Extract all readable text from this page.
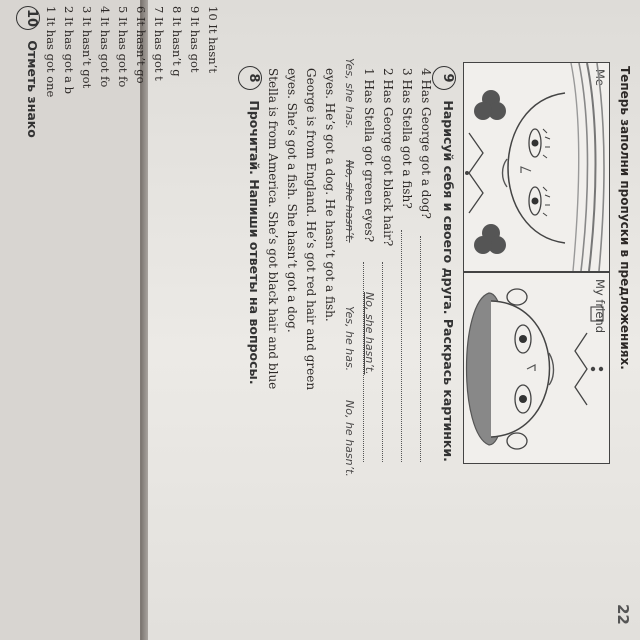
22
8 Прочитай. Напиши ответы на вопросы. Stella is from America. She’s got black hair and blue eyes. She’s got a fish. She hasn’t got a dog. George is from England. He’s got red hair and green eyes. He’s got a dog. He hasn’t got a fish. Yes, she has.
No, she hasn’t.
Yes, he has.
No, he hasn’t.
1 Has Stella got green eyes?
No, she hasn’t.
2 Has George got black hair? 3 Has Stella got a fish? 4 Has George got a dog? 9 Нарисуй себя и своего друга. Раскрась картинки.
Me
My friend Теперь заполни пропуски в предложениях.
10 Отметь знако 1 It has got one 2 It has got a b 3 It hasn’t got 4 It has got fo 5 It has got fo 6 It hasn’t go 7 It has got t 8 It hasn’t g 9 It has got 10 It hasn’t
